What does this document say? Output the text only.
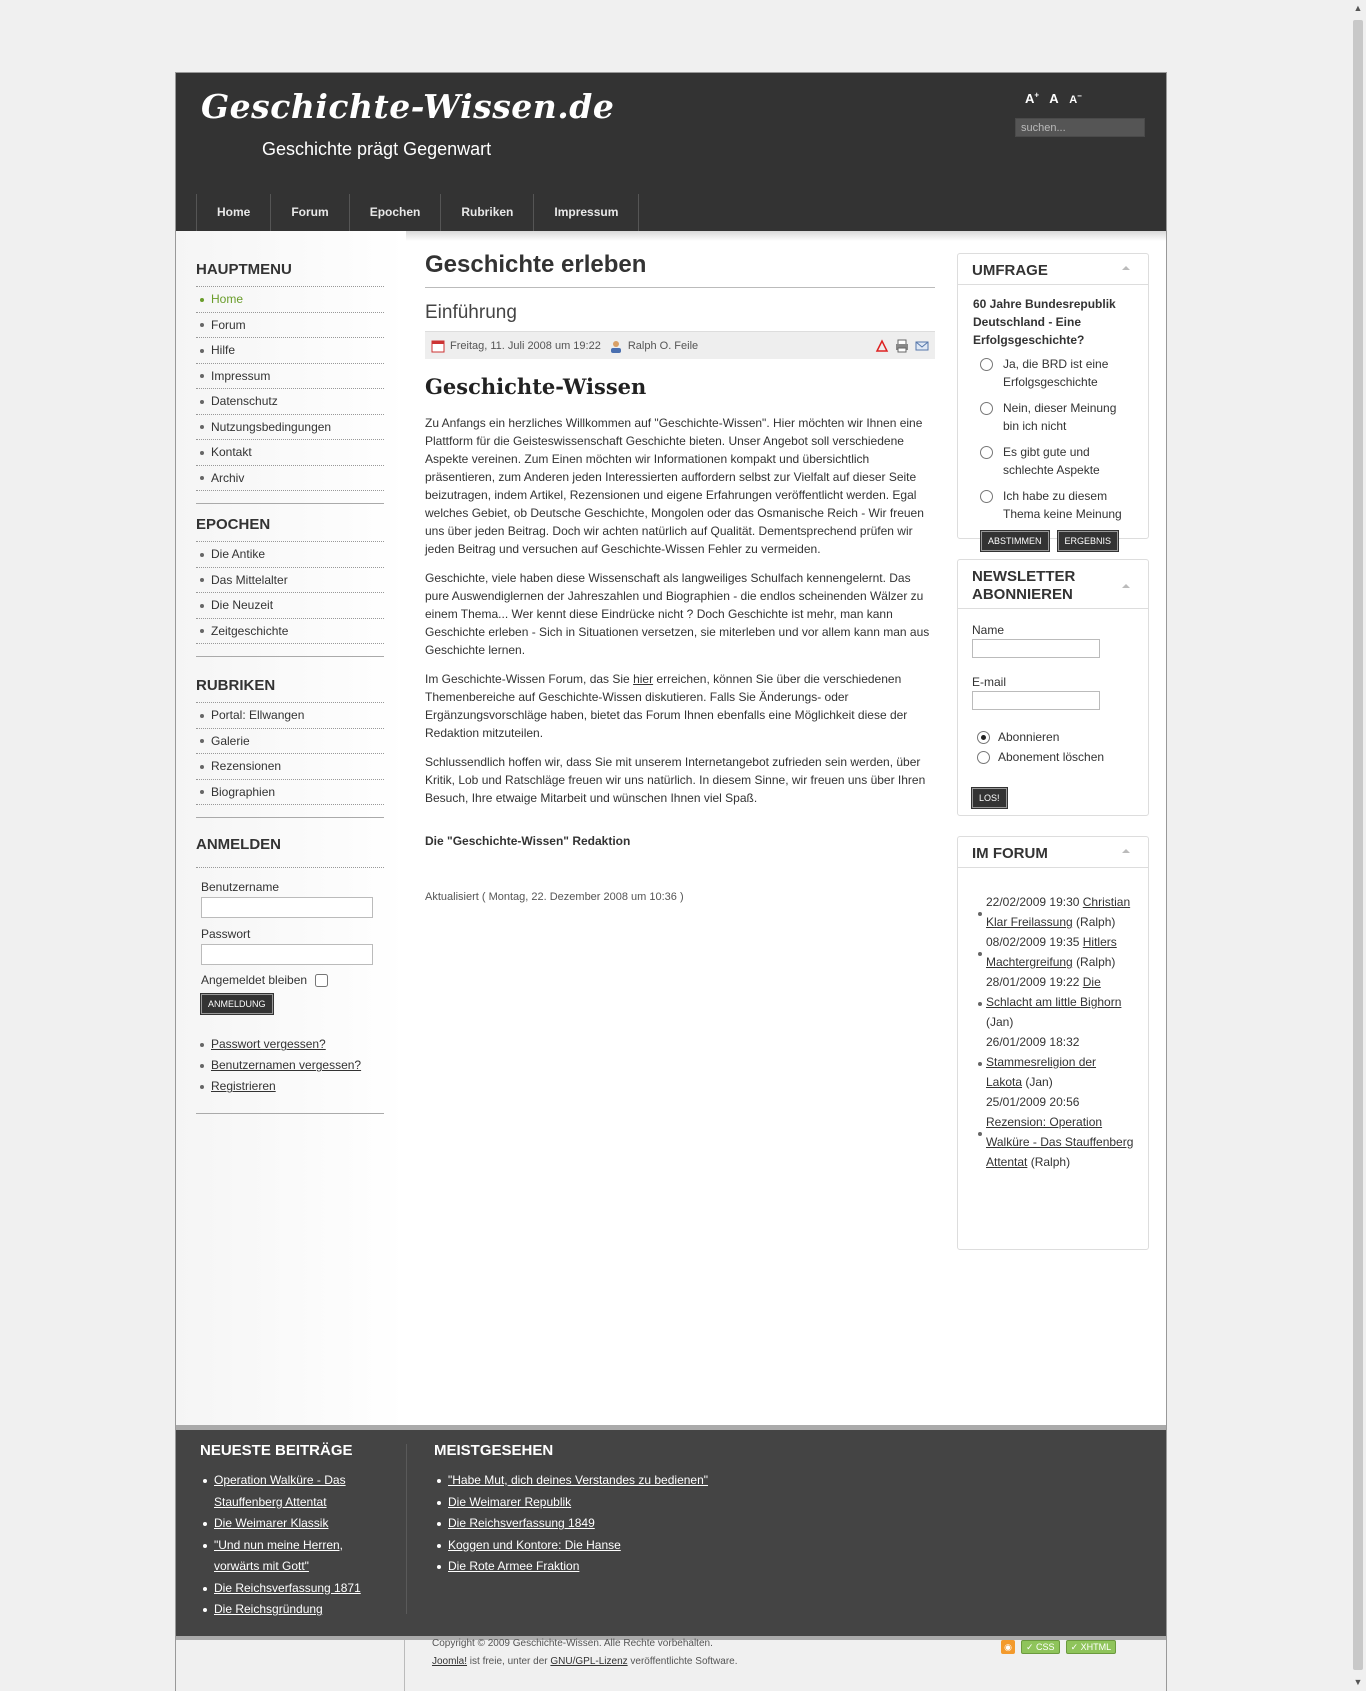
▲
▼
Geschichte-Wissen.de
Geschichte prägt Gegenwart
A+ A A−
suchen...
Home	Forum	Epochen	Rubriken	Impressum
HAUPTMENU
Home
Forum
Hilfe
Impressum
Datenschutz
Nutzungsbedingungen
Kontakt
Archiv
EPOCHEN
Die Antike
Das Mittelalter
Die Neuzeit
Zeitgeschichte
RUBRIKEN
Portal: Ellwangen
Galerie
Rezensionen
Biographien
ANMELDEN
Benutzername
Passwort
Angemeldet bleiben
ANMELDUNG
Passwort vergessen?
Benutzernamen vergessen?
Registrieren
Geschichte erleben
Einführung
Freitag, 11. Juli 2008 um 19:22 Ralph O. Feile
Geschichte-Wissen

Zu Anfangs ein herzliches Willkommen auf "Geschichte-Wissen". Hier möchten wir Ihnen eine Plattform für die Geisteswissenschaft Geschichte bieten. Unser Angebot soll verschiedene Aspekte vereinen. Zum Einen möchten wir Informationen kompakt und übersichtlich präsentieren, zum Anderen jeden Interessierten auffordern selbst zur Vielfalt auf dieser Seite beizutragen, indem Artikel, Rezensionen und eigene Erfahrungen veröffentlicht werden. Egal welches Gebiet, ob Deutsche Geschichte, Mongolen oder das Osmanische Reich - Wir freuen uns über jeden Beitrag. Doch wir achten natürlich auf Qualität. Dementsprechend prüfen wir jeden Beitrag und versuchen auf Geschichte-Wissen Fehler zu vermeiden.

Geschichte, viele haben diese Wissenschaft als langweiliges Schulfach kennengelernt. Das pure Auswendiglernen der Jahreszahlen und Biographien - die endlos scheinenden Wälzer zu einem Thema... Wer kennt diese Eindrücke nicht ? Doch Geschichte ist mehr, man kann Geschichte erleben - Sich in Situationen versetzen, sie miterleben und vor allem kann man aus Geschichte lernen.

Im Geschichte-Wissen Forum, das Sie hier erreichen, können Sie über die verschiedenen Themenbereiche auf Geschichte-Wissen diskutieren. Falls Sie Änderungs- oder Ergänzungsvorschläge haben, bietet das Forum Ihnen ebenfalls eine Möglichkeit diese der Redaktion mitzuteilen.

Schlussendlich hoffen wir, dass Sie mit unserem Internetangebot zufrieden sein werden, über Kritik, Lob und Ratschläge freuen wir uns natürlich. In diesem Sinne, wir freuen uns über Ihren Besuch, Ihre etwaige Mitarbeit und wünschen Ihnen viel Spaß.

Die "Geschichte-Wissen" Redaktion

Aktualisiert ( Montag, 22. Dezember 2008 um 10:36 )

UMFRAGE
60 Jahre Bundesrepublik Deutschland - Eine Erfolgsgeschichte?
Ja, die BRD ist eine Erfolgsgeschichte
Nein, dieser Meinung bin ich nicht
Es gibt gute und schlechte Aspekte
Ich habe zu diesem Thema keine Meinung
ABSTIMMEN	ERGEBNIS
NEWSLETTER ABONNIEREN
Name
E-mail
Abonnieren
Abonement löschen
LOS!
IM FORUM
22/02/2009 19:30 Christian Klar Freilassung (Ralph)
08/02/2009 19:35 Hitlers Machtergreifung (Ralph)
28/01/2009 19:22 Die Schlacht am little Bighorn (Jan)
26/01/2009 18:32 Stammesreligion der Lakota (Jan)
25/01/2009 20:56 Rezension: Operation Walküre - Das Stauffenberg Attentat (Ralph)
NEUESTE BEITRÄGE
Operation Walküre - Das Stauffenberg Attentat
Die Weimarer Klassik
"Und nun meine Herren, vorwärts mit Gott"
Die Reichsverfassung 1871
Die Reichsgründung
MEISTGESEHEN
"Habe Mut, dich deines Verstandes zu bedienen"
Die Weimarer Republik
Die Reichsverfassung 1849
Koggen und Kontore: Die Hanse
Die Rote Armee Fraktion
Copyright © 2009 Geschichte-Wissen. Alle Rechte vorbehalten.
Joomla! ist freie, unter der GNU/GPL-Lizenz veröffentlichte Software.
◉	✓ CSS	✓ XHTML
